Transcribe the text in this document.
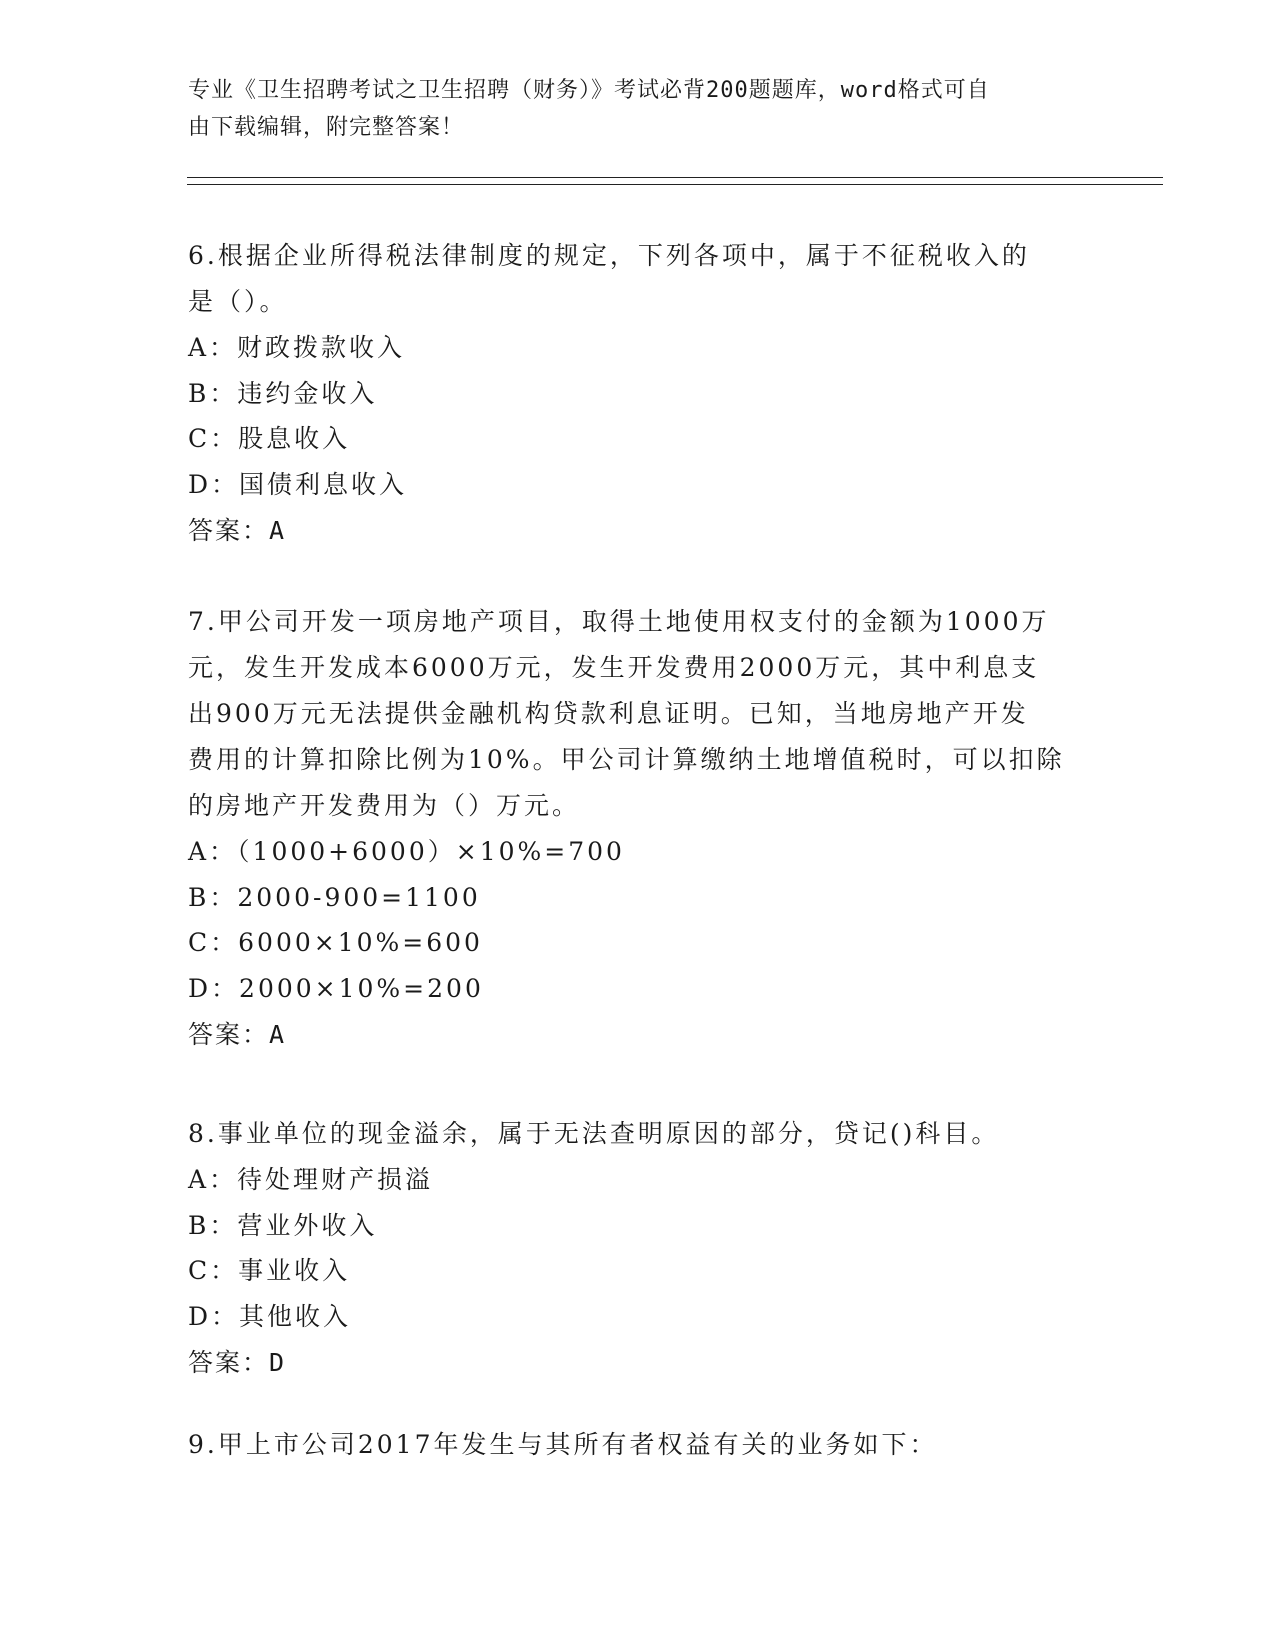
专业《卫生招聘考试之卫生招聘（财务）》考试必背200题题库，word格式可自
由下载编辑，附完整答案！
6.根据企业所得税法律制度的规定，下列各项中，属于不征税收入的
是（）。
A：财政拨款收入
B：违约金收入
C：股息收入
D：国债利息收入
答案：A
7.甲公司开发一项房地产项目，取得土地使用权支付的金额为1000万
元，发生开发成本6000万元，发生开发费用2000万元，其中利息支
出900万元无法提供金融机构贷款利息证明。已知，当地房地产开发
费用的计算扣除比例为10%。甲公司计算缴纳土地增值税时，可以扣除
的房地产开发费用为（）万元。
A：（1000+6000）×10%=700
B：2000-900=1100
C：6000×10%=600
D：2000×10%=200
答案：A
8.事业单位的现金溢余，属于无法查明原因的部分，贷记()科目。
A：待处理财产损溢
B：营业外收入
C：事业收入
D：其他收入
答案：D
9.甲上市公司2017年发生与其所有者权益有关的业务如下：
